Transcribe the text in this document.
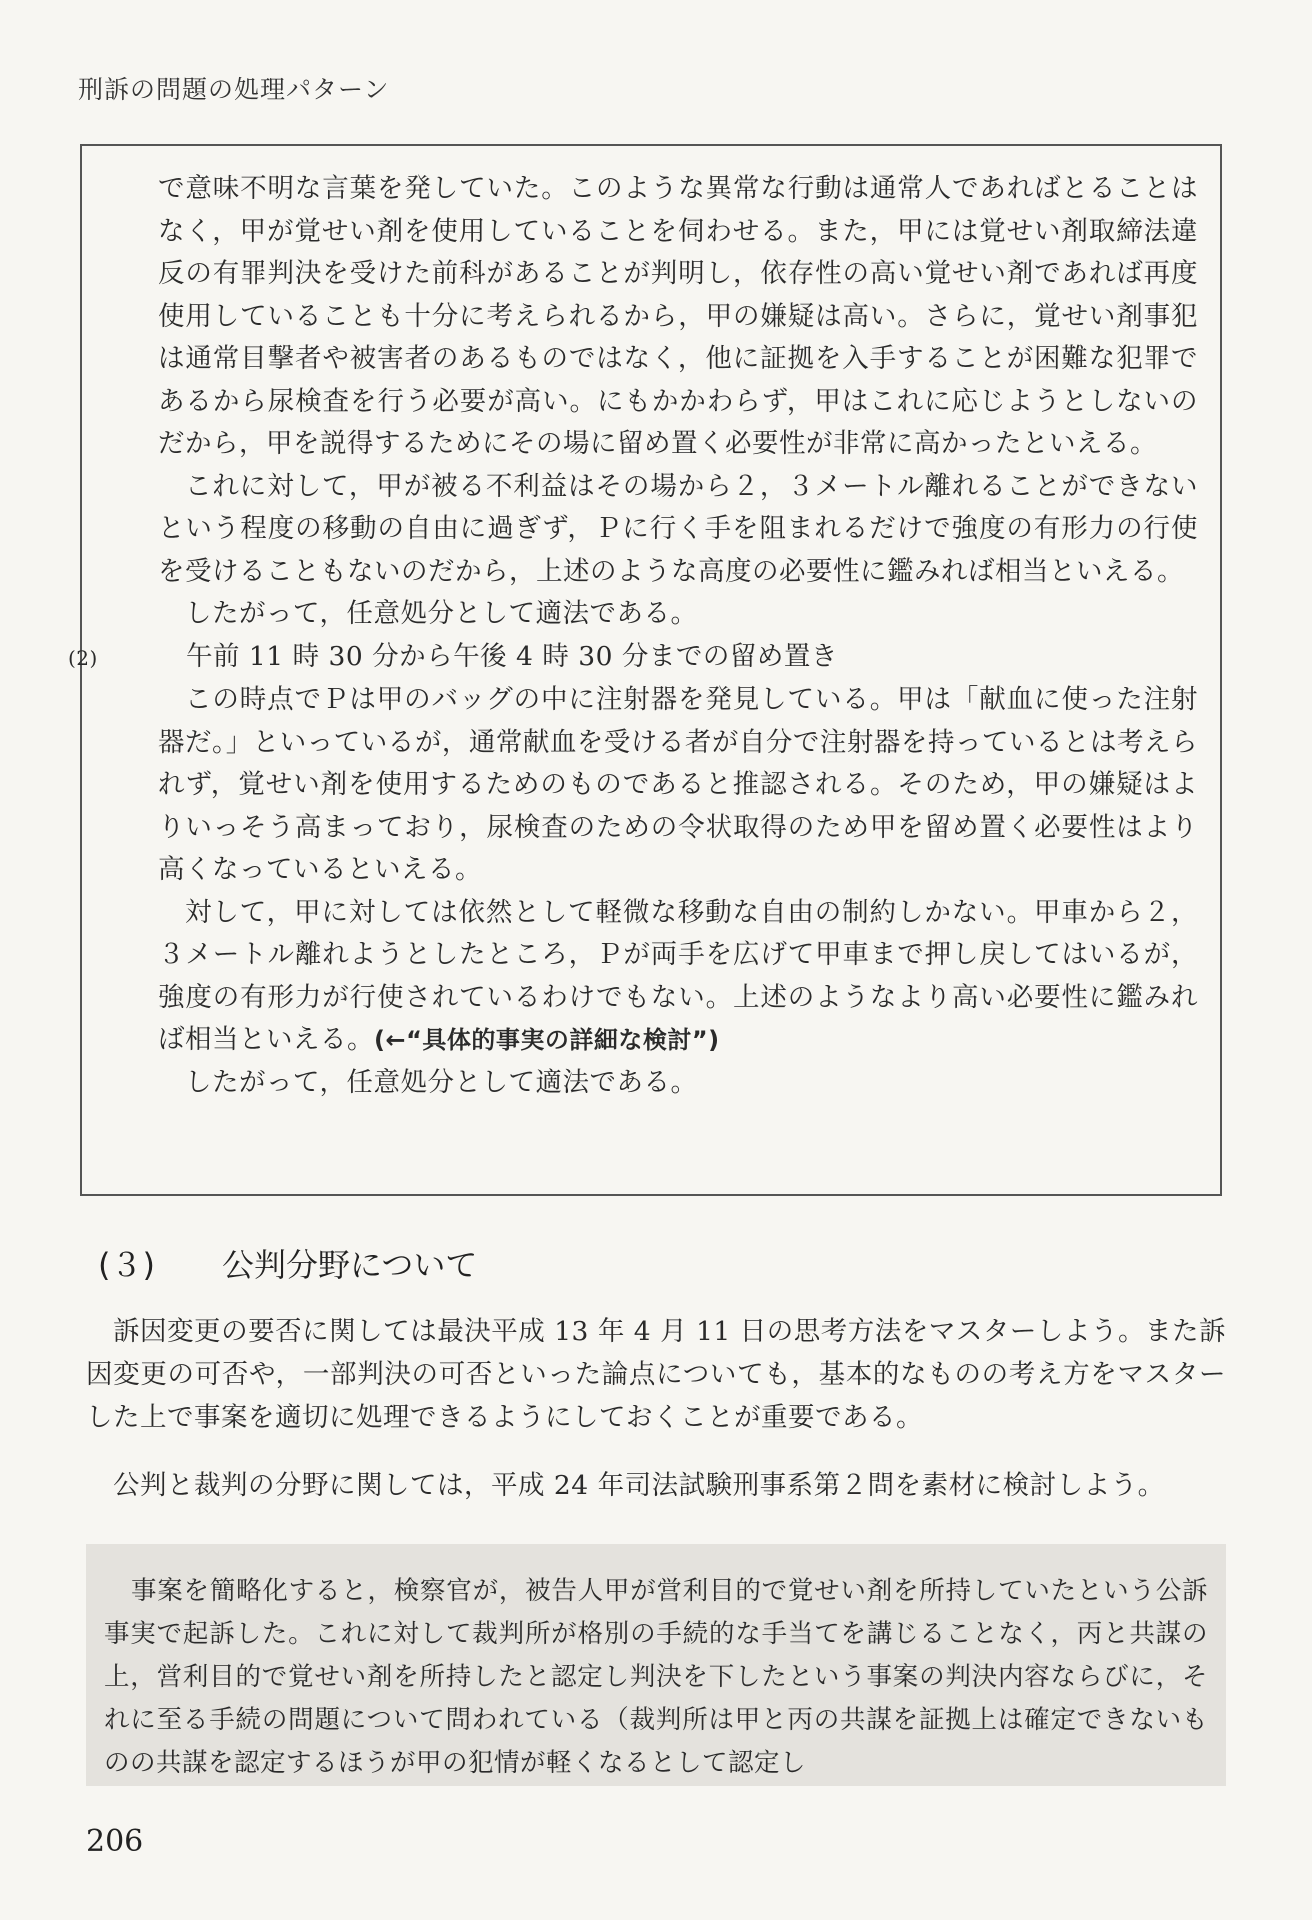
刑訴の問題の処理パターン

で意味不明な言葉を発していた。このような異常な行動は通常人であればとることはなく，甲が覚せい剤を使用していることを伺わせる。また，甲には覚せい剤取締法違反の有罪判決を受けた前科があることが判明し，依存性の高い覚せい剤であれば再度使用していることも十分に考えられるから，甲の嫌疑は高い。さらに，覚せい剤事犯は通常目撃者や被害者のあるものではなく，他に証拠を入手することが困難な犯罪であるから尿検査を行う必要が高い。にもかかわらず，甲はこれに応じようとしないのだから，甲を説得するためにその場に留め置く必要性が非常に高かったといえる。

これに対して，甲が被る不利益はその場から２，３メートル離れることができないという程度の移動の自由に過ぎず，Ｐに行く手を阻まれるだけで強度の有形力の行使を受けることもないのだから，上述のような高度の必要性に鑑みれば相当といえる。

したがって，任意処分として適法である。

(2)	午前 11 時 30 分から午後 4 時 30 分までの留め置き

この時点でＰは甲のバッグの中に注射器を発見している。甲は「献血に使った注射器だ。」といっているが，通常献血を受ける者が自分で注射器を持っているとは考えられず，覚せい剤を使用するためのものであると推認される。そのため，甲の嫌疑はよりいっそう高まっており，尿検査のための令状取得のため甲を留め置く必要性はより高くなっているといえる。

対して，甲に対しては依然として軽微な移動な自由の制約しかない。甲車から２，３メートル離れようとしたところ，Ｐが両手を広げて甲車まで押し戻してはいるが，強度の有形力が行使されているわけでもない。上述のようなより高い必要性に鑑みれば相当といえる。(←“具体的事実の詳細な検討”)

したがって，任意処分として適法である。

(３) 公判分野について

訴因変更の要否に関しては最決平成 13 年 4 月 11 日の思考方法をマスターしよう。また訴因変更の可否や，一部判決の可否といった論点についても，基本的なものの考え方をマスターした上で事案を適切に処理できるようにしておくことが重要である。

公判と裁判の分野に関しては，平成 24 年司法試験刑事系第２問を素材に検討しよう。

事案を簡略化すると，検察官が，被告人甲が営利目的で覚せい剤を所持していたという公訴事実で起訴した。これに対して裁判所が格別の手続的な手当てを講じることなく，丙と共謀の上，営利目的で覚せい剤を所持したと認定し判決を下したという事案の判決内容ならびに，それに至る手続の問題について問われている（裁判所は甲と丙の共謀を証拠上は確定できないものの共謀を認定するほうが甲の犯情が軽くなるとして認定し

206
